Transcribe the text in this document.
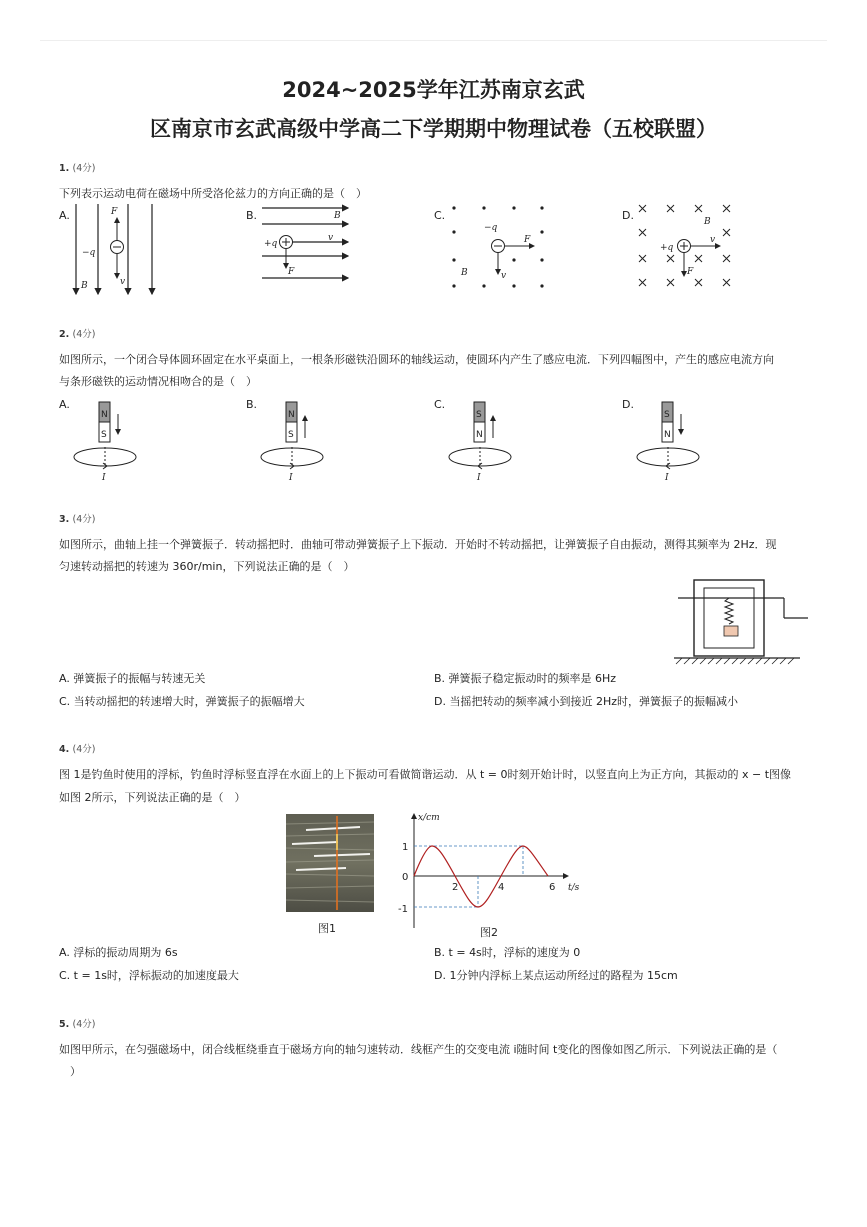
2024~2025学年江苏南京玄武
区南京市玄武高级中学高二下学期期中物理试卷（五校联盟）
1. (4分)
下列表示运动电荷在磁场中所受洛伦兹力的方向正确的是（　）
A.	B.	C.	D.
−q
F
v
B
+q
B
v
F
−q
F
v
B
+q
B
v
F
2. (4分)
如图所示，一个闭合导体圆环固定在水平桌面上，一根条形磁铁沿圆环的轴线运动，使圆环内产生了感应电流．下列四幅图中，产生的感应电流方向
与条形磁铁的运动情况相吻合的是（　）
A.	B.	C.	D.
N
S
I
N
S
I
S
N
I
S
N
I
3. (4分)
如图所示，曲轴上挂一个弹簧振子．转动摇把时．曲轴可带动弹簧振子上下振动．开始时不转动摇把，让弹簧振子自由振动，测得其频率为 2Hz．现
匀速转动摇把的转速为 360r/min，下列说法正确的是（　）
A. 弹簧振子的振幅与转速无关	B. 弹簧振子稳定振动时的频率是 6Hz
C. 当转动摇把的转速增大时，弹簧振子的振幅增大	D. 当摇把转动的频率减小到接近 2Hz时，弹簧振子的振幅减小
4. (4分)
图 1是钓鱼时使用的浮标，钓鱼时浮标竖直浮在水面上的上下振动可看做简谐运动．从 t = 0时刻开始计时，以竖直向上为正方向，其振动的 x − t图像
如图 2所示，下列说法正确的是（　）
图1
x/cm
t/s
1
0
-1
2	4	6
图2
A. 浮标的振动周期为 6s	B. t = 4s时，浮标的速度为 0
C. t = 1s时，浮标振动的加速度最大	D. 1分钟内浮标上某点运动所经过的路程为 15cm
5. (4分)
如图甲所示，在匀强磁场中，闭合线框绕垂直于磁场方向的轴匀速转动．线框产生的交变电流 i随时间 t变化的图像如图乙所示．下列说法正确的是（
　）
